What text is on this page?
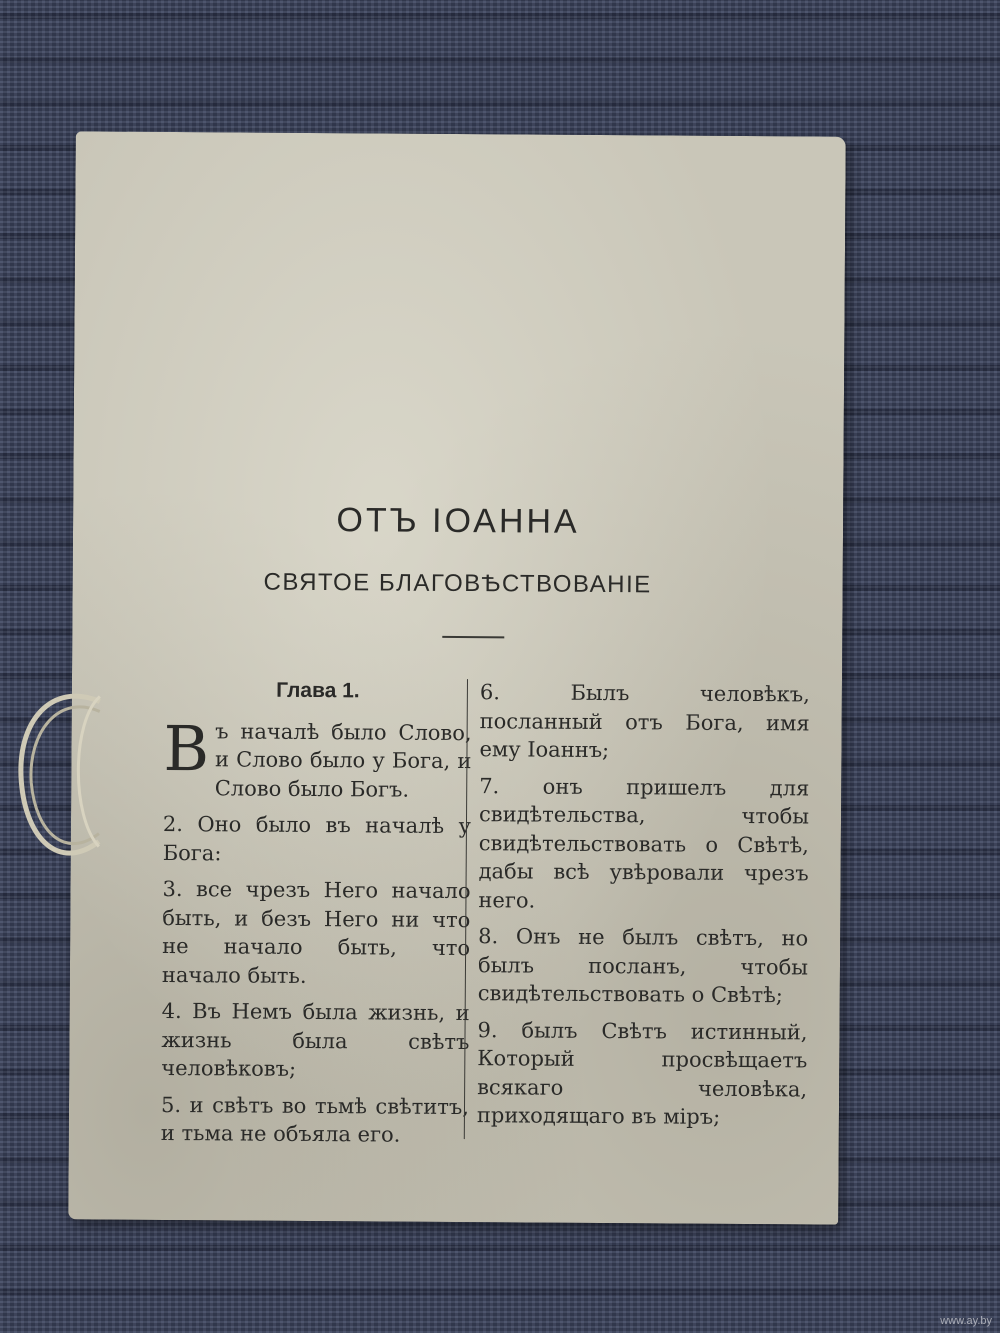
ОТЪ ІОАННА
СВЯТОЕ БЛАГОВѢСТВОВАНІЕ
Глава 1.

Въ началѣ было Слово, и Слово было у Бога, и Слово было Богъ.

2. Оно было въ началѣ у Бога:

3. все чрезъ Него начало быть, и безъ Него ни что не начало быть, что начало быть.

4. Въ Немъ была жизнь, и жизнь была свѣтъ человѣковъ;

5. и свѣтъ во тьмѣ свѣтитъ, и тьма не объяла его.

6. Былъ человѣкъ, посланный отъ Бога, имя ему Іоаннъ;

7. онъ пришелъ для свидѣтельства, чтобы свидѣтельствовать о Свѣтѣ, дабы всѣ увѣровали чрезъ него.

8. Онъ не былъ свѣтъ, но былъ посланъ, чтобы свидѣтельствовать о Свѣтѣ;

9. былъ Свѣтъ истинный, Который просвѣщаетъ всякаго человѣка, приходящаго въ міръ;

www.ay.by
